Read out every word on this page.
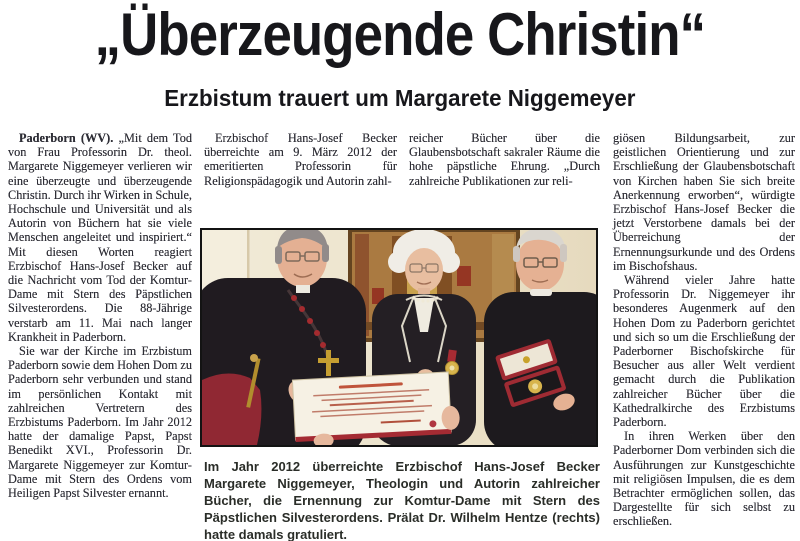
„Überzeugende Christin“
Erzbistum trauert um Margarete Niggemeyer

Paderborn (WV). „Mit dem Tod von Frau Professorin Dr. theol. Margarete Niggemeyer verlieren wir eine überzeugte und überzeugende Christin. Durch ihr Wirken in Schule, Hochschule und Universität und als Autorin von Büchern hat sie viele Menschen angeleitet und inspiriert.“ Mit diesen Worten reagiert Erzbischof Hans-Josef Becker auf die Nachricht vom Tod der Komtur-Dame mit Stern des Päpstlichen Silvesterordens. Die 88-Jährige verstarb am 11. Mai nach langer Krankheit in Paderborn.

Sie war der Kirche im Erzbistum Paderborn sowie dem Hohen Dom zu Paderborn sehr verbunden und stand im persönlichen Kontakt mit zahlreichen Vertretern des Erzbistums Paderborn. Im Jahr 2012 hatte der damalige Papst, Papst Benedikt XVI., Professorin Dr. Margarete Niggemeyer zur Komtur-Dame mit Stern des Ordens vom Heiligen Papst Silvester ernannt.

Erzbischof Hans-Josef Becker überreichte am 9. März 2012 der emeritierten Professorin für Religionspädagogik und Autorin zahl-

reicher Bücher über die Glaubensbotschaft sakraler Räume die hohe päpstliche Ehrung. „Durch zahlreiche Publikationen zur reli-

giösen Bildungsarbeit, zur geistlichen Orientierung und zur Erschließung der Glaubensbotschaft von Kirchen haben Sie sich breite Anerkennung erworben“, würdigte Erzbischof Hans-Josef Becker die jetzt Verstorbene damals bei der Überreichung der Ernennungsurkunde und des Ordens im Bischofshaus.

Während vieler Jahre hatte Professorin Dr. Niggemeyer ihr besonderes Augenmerk auf den Hohen Dom zu Paderborn gerichtet und sich so um die Erschließung der Paderborner Bischofskirche für Besucher aus aller Welt verdient gemacht durch die Publikation zahlreicher Bücher über die Kathedralkirche des Erzbistums Paderborn.

In ihren Werken über den Paderborner Dom verbinden sich die Ausführungen zur Kunstgeschichte mit religiösen Impulsen, die es dem Betrachter ermöglichen sollen, das Dargestellte für sich selbst zu erschließen.

Im Jahr 2012 überreichte Erzbischof Hans-Josef Becker Margarete Niggemeyer, Theologin und Autorin zahlreicher Bücher, die Ernennung zur Komtur-Dame mit Stern des Päpstlichen Silvesterordens. Prälat Dr. Wilhelm Hentze (rechts) hatte damals gratuliert.
